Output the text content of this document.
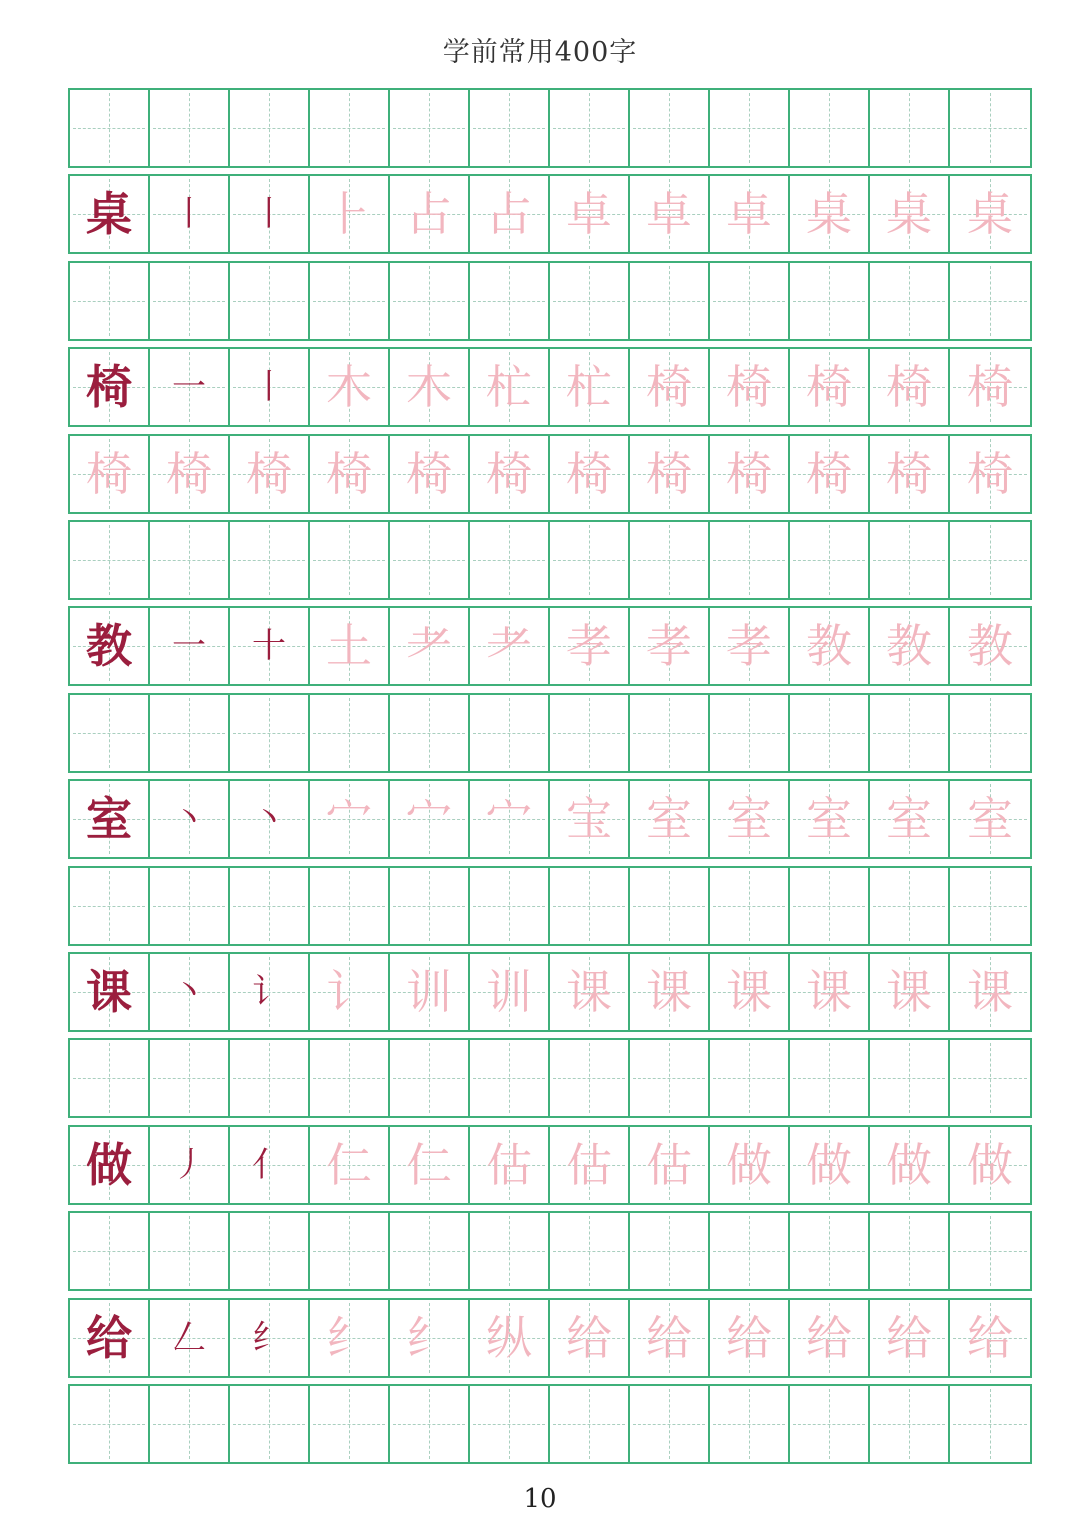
学前常用400字
桌 丨 丨 ⺊ 占 占 卓 卓 卓 桌 桌 桌
椅 一 丨 木 木 杧 杧 椅 椅 椅 椅 椅
椅 椅 椅 椅 椅 椅 椅 椅 椅 椅 椅 椅
教 一 十 土 耂 耂 孝 孝 孝 教 教 教
室 丶 丶 宀 宀 宀 宝 室 室 室 室 室
课 丶 讠 讠 训 训 课 课 课 课 课 课
做 丿 亻 仁 仁 估 估 估 做 做 做 做
给 𠃋 纟 纟 纟 纵 给 给 给 给 给 给
10
